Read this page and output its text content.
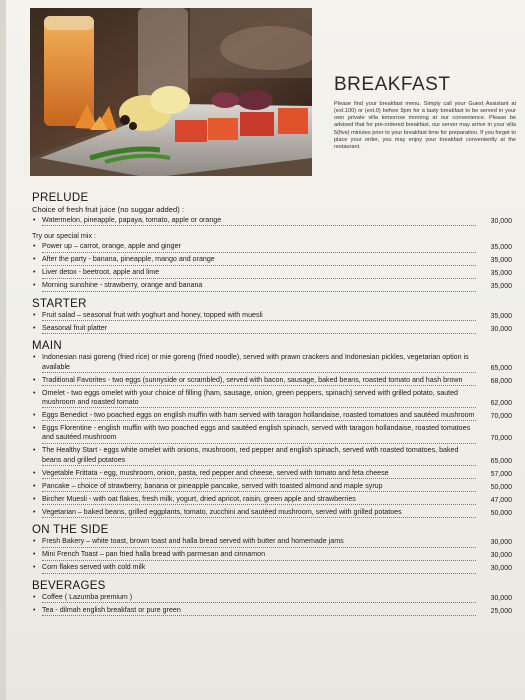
BREAKFAST
Please find your breakfast menu. Simply call your Guest Assistant at (ext.100) or (ext.0) before 9pm for a tasty breakfast to be served in your own private villa tomorrow morning at our convenience. Please be advised that for pre-ordered breakfast, our server may arrive in your villa 5(five) minutes prior to your breakfast time for preparation. If you forget to place your order, you may enjoy your breakfast conveniently at the restaurant.
PRELUDE
Choice of fresh fruit juice (no suggar added) :
• Watermelon, pineapple, papaya, tomato, apple or orange	30,000
Try our special mix :
• Power up – carrot, orange, apple and ginger	35,000
• After the party - banana, pineapple, mango and orange	35,000
• Liver detox - beetroot, apple and lime	35,000
• Morning sunshine - strawberry, orange and banana	35,000
STARTER
• Fruit salad – seasonal fruit with yoghurt and honey, topped with muesli	35,000
• Seasonal fruit platter	30,000
MAIN
• Indonesian nasi goreng (fried rice) or mie goreng (fried noodle), served with prawn crackers and Indonesian pickles, vegetarian option is available	65,000
• Traditional Favorites - two eggs (sunnyside or scrambled), served with bacon, sausage, baked beans, roasted tomato and hash brown	68,000
• Omelet - two eggs omelet with your choice of filling (ham, sausage, onion, green peppers, spinach) served with grilled potato, sauted mushroom and roasted tomato	62,000
• Eggs Benedict - two poached eggs on english muffin with ham served with taragon hollandaise, roasted tomatoes and sautéed mushroom	70,000
• Eggs Florentine - english muffin with two poached eggs and sautéed english spinach, served with taragon hollandaise, roasted tomatoes and sautéed mushroom	70,000
• The Healthy Start - eggs white omelet with onions, mushroom, red pepper and english spinach, served with roasted tomatoes, baked beans and grilled potatoes	65,000
• Vegetable Frittata - egg, mushroom, onion, pasta, red pepper and cheese, served with tomato and feta cheese	57,000
• Pancake – choice of strawberry, banana or pineapple pancake, served with toasted almond and maple syrup	50,000
• Bircher Muesli - with oat flakes, fresh milk, yogurt, dried apricot, raisin, green apple and strawberries	47,000
• Vegetarian – baked beans, grilled eggplants, tomato, zucchini and sautéed mushroom, served with grilled potatoes	50,000
ON THE SIDE
• Fresh Bakery – white toast, brown toast and halla bread served with butter and homemade jams	30,000
• Mini French Toast – pan fried halla bread with parmesan and cinnamon	30,000
• Corn flakes served with cold milk	30,000
BEVERAGES
• Coffee ( Lazumba premium )	30,000
• Tea - dilmah english breakfast or pure green	25,000
